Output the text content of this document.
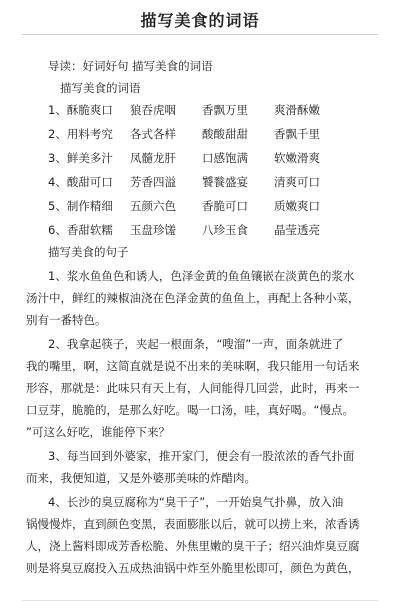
描写美食的词语
导读：好词好句 描写美食的词语
描写美食的词语
1、酥脆爽口 狼吞虎咽 香飘万里 爽滑酥嫩
2、用料考究 各式各样 酸酸甜甜 香飘千里
3、鲜美多汁 凤髓龙肝 口感饱满 软嫩滑爽
4、酸甜可口 芳香四溢 饕餮盛宴 清爽可口
5、制作精细 五颜六色 香脆可口 质嫩爽口
6、香甜软糯 玉盘珍馐 八珍玉食 晶莹透亮
描写美食的句子
1、浆水鱼鱼色和诱人，色泽金黄的鱼鱼镶嵌在淡黄色的浆水
汤汁中，鲜红的辣椒油浇在色泽金黄的鱼鱼上，再配上各种小菜，
别有一番特色。
2、我拿起筷子，夹起一根面条，“嗖溜”一声，面条就进了
我的嘴里，啊，这简直就是说不出来的美味啊，我只能用一句话来
形容，那就是：此味只有天上有，人间能得几回尝，此时，再来一
口豆芽，脆脆的，是那么好吃。喝一口汤，哇，真好喝。“慢点。
”可这么好吃，谁能停下来？
3、每当回到外婆家，推开家门，便会有一股浓浓的香气扑面
而来，我便知道，又是外婆那美味的炸醋肉。
4、长沙的臭豆腐称为“臭干子”，一开始臭气扑鼻，放入油
锅慢慢炸，直到颜色变黑，表面膨胀以后，就可以捞上来，浓香诱
人，浇上酱料即成芳香松脆、外焦里嫩的臭干子；绍兴油炸臭豆腐
则是将臭豆腐投入五成热油锅中炸至外脆里松即可，颜色为黄色，
